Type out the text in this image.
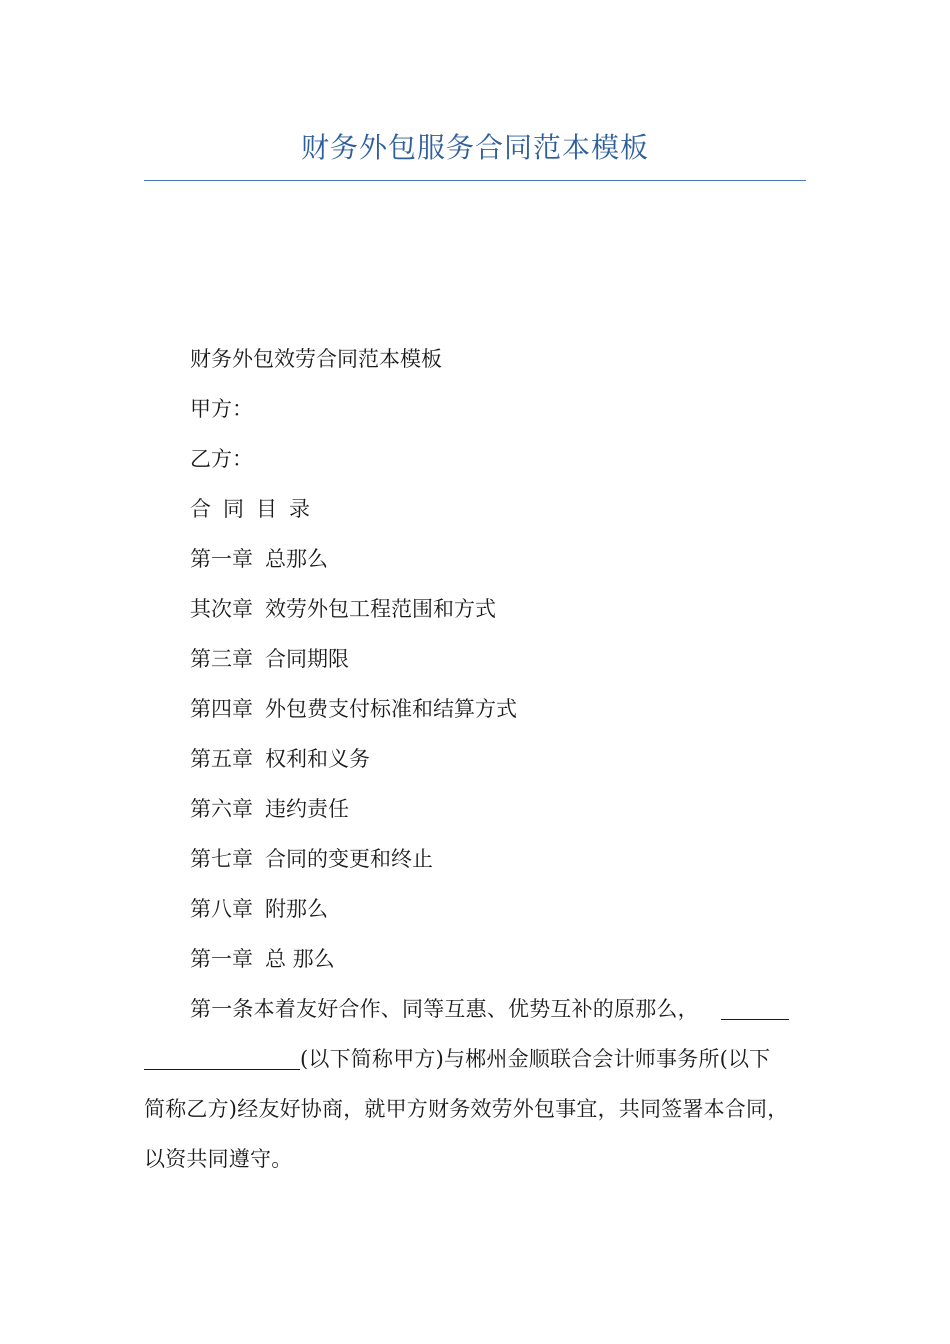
财务外包服务合同范本模板
财务外包效劳合同范本模板
甲方：
乙方：
合同目录
第一章 总那么
其次章 效劳外包工程范围和方式
第三章 合同期限
第四章 外包费支付标准和结算方式
第五章 权利和义务
第六章 违约责任
第七章 合同的变更和终止
第八章 附那么
第一章 总 那么
第一条本着友好合作、同等互惠、优势互补的原那么，
(以下简称甲方)与郴州金顺联合会计师事务所(以下
简称乙方)经友好协商，就甲方财务效劳外包事宜，共同签署本合同，
以资共同遵守。
